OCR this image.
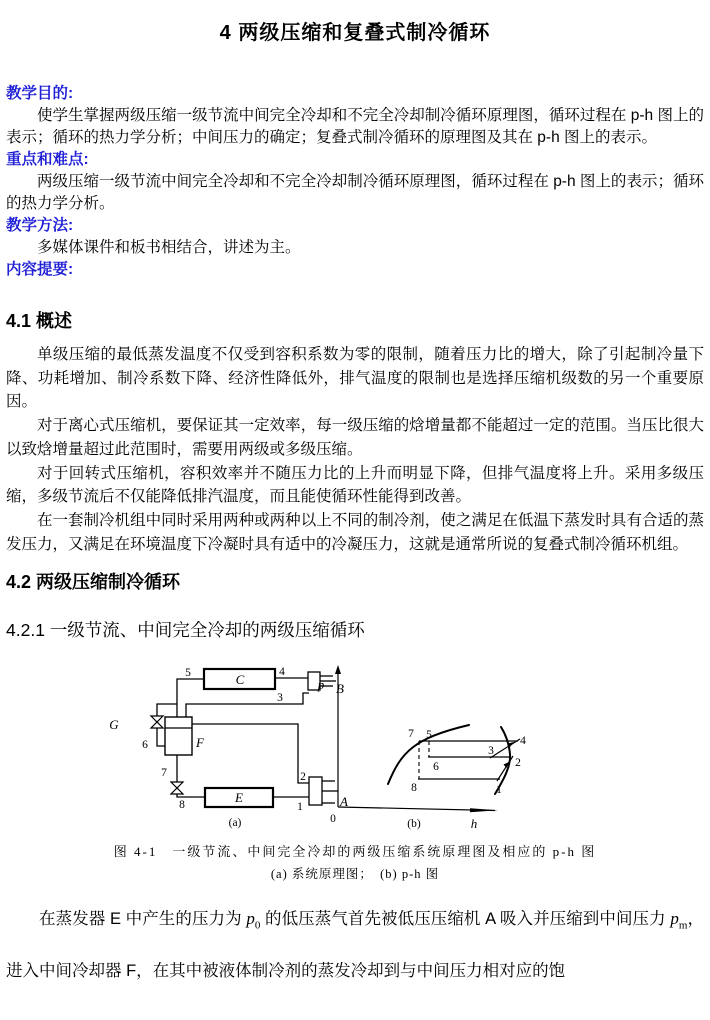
4 两级压缩和复叠式制冷循环

教学目的:

使学生掌握两级压缩一级节流中间完全冷却和不完全冷却制冷循环原理图，循环过程在 p-h 图上的表示；循环的热力学分析；中间压力的确定；复叠式制冷循环的原理图及其在 p-h 图上的表示。

重点和难点:

两级压缩一级节流中间完全冷却和不完全冷却制冷循环原理图，循环过程在 p-h 图上的表示；循环的热力学分析。

教学方法:

多媒体课件和板书相结合，讲述为主。

内容提要:

4.1 概述

单级压缩的最低蒸发温度不仅受到容积系数为零的限制，随着压力比的增大，除了引起制冷量下降、功耗增加、制冷系数下降、经济性降低外，排气温度的限制也是选择压缩机级数的另一个重要原因。

对于离心式压缩机，要保证其一定效率，每一级压缩的焓增量都不能超过一定的范围。当压比很大以致焓增量超过此范围时，需要用两级或多级压缩。

对于回转式压缩机，容积效率并不随压力比的上升而明显下降，但排气温度将上升。采用多级压缩，多级节流后不仅能降低排汽温度，而且能使循环性能得到改善。

在一套制冷机组中同时采用两种或两种以上不同的制冷剂，使之满足在低温下蒸发时具有合适的蒸发压力，又满足在环境温度下冷凝时具有适中的冷凝压力，这就是通常所说的复叠式制冷循环机组。

4.2 两级压缩制冷循环
4.2.1 一级节流、中间完全冷却的两级压缩循环
C
E
F
G
B
A
5	4
3
2
1
6
7
8
(a)
p
0	h
(b)
7 5	4
3
2
6
8	1

图 4-1　一级节流、中间完全冷却的两级压缩系统原理图及相应的 p-h 图

(a) 系统原理图；　(b) p-h 图

在蒸发器 E 中产生的压力为 $p_0$ 的低压蒸气首先被低压压缩机 A 吸入并压缩到中间压力 $p_m$，进入中间冷却器 F，在其中被液体制冷剂的蒸发冷却到与中间压力相对应的饱
